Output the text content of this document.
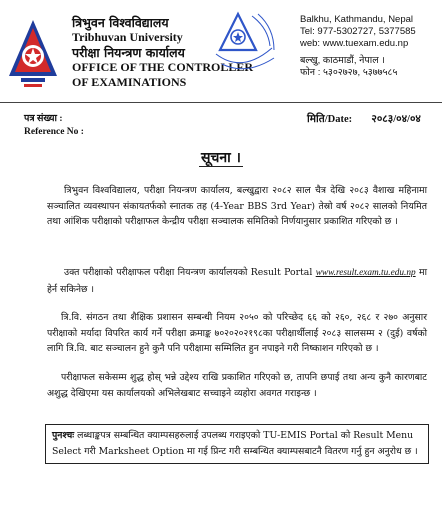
त्रिभुवन विश्वविद्यालय
Tribhuvan University
परीक्षा नियन्त्रण कार्यालय
OFFICE OF THE CONTROLLER
OF EXAMINATIONS
Balkhu, Kathmandu, Nepal
Tel: 977-5302727, 5377585
web: www.tuexam.edu.np
बल्खु, काठमाडौं, नेपाल ।
फोन : ५३०२७२७, ५३७७५८५
पत्र संख्या :
Reference No :
मिति/Date: २०८३/०४/०४
सूचना ।
त्रिभुवन विश्वविद्यालय, परीक्षा नियन्त्रण कार्यालय, बल्खुद्वारा २०८२ साल चैत्र देखि २०८३ वैशाख महिनामा सञ्चालित व्यवस्थापन संकायतर्फको स्नातक तह (4-Year BBS 3rd Year) तेस्रो वर्ष २०८२ सालको नियमित तथा आंशिक परीक्षाको परीक्षाफल केन्द्रीय परीक्षा सञ्चालक समितिको निर्णयानुसार प्रकाशित गरिएको छ ।
उक्त परीक्षाको परीक्षाफल परीक्षा नियन्त्रण कार्यालयको Result Portal www.result.exam.tu.edu.np मा हेर्न सकिनेछ ।
त्रि.वि. संगठन तथा शैक्षिक प्रशासन सम्बन्धी नियम २०५० को परिच्छेद ६६ को २६०, २६८ र २७० अनुसार परीक्षाको मर्यादा विपरित कार्य गर्ने परीक्षा क्रमाङ्क ७०२०२०२१९८का परीक्षार्थीलाई २०८३ सालसम्म २ (दुई) वर्षको लागि त्रि.वि. बाट सञ्चालन हुने कुनै पनि परीक्षामा सम्मिलित हुन नपाइने गरी निष्काशन गरिएको छ ।
परीक्षाफल सकेसम्म शुद्ध होस् भन्ने उद्देश्य राखि प्रकाशित गरिएको छ, तापनि छपाई तथा अन्य कुनै कारणबाट अशुद्ध देखिएमा यस कार्यालयको अभिलेखबाट सच्चाइने व्यहोरा अवगत गराइन्छ ।
पुनश्चः लब्धाङ्कपत्र सम्बन्धित क्याम्पसहरुलाई उपलब्ध गराइएको TU-EMIS Portal को Result Menu Select गरी Marksheet Option मा गई प्रिन्ट गरी सम्बन्धित क्याम्पसबाटनै वितरण गर्नु हुन अनुरोध छ ।
